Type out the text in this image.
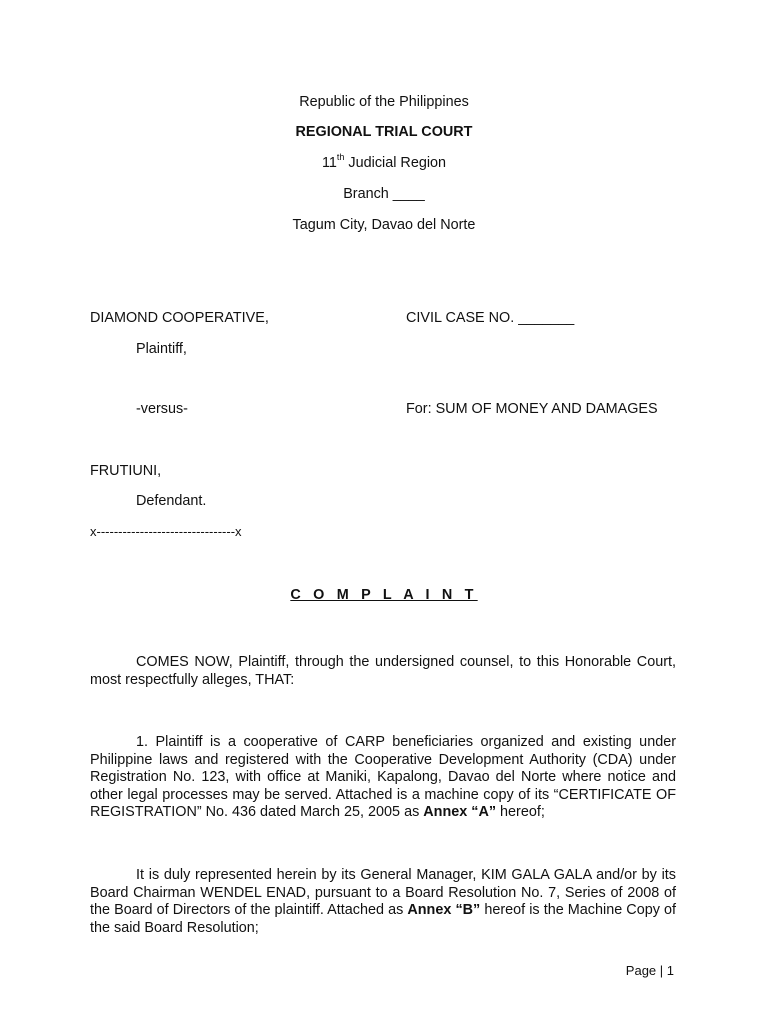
Republic of the Philippines
REGIONAL TRIAL COURT
11th Judicial Region
Branch ____
Tagum City, Davao del Norte
DIAMOND COOPERATIVE,	CIVIL CASE NO. _______
Plaintiff,
-versus-	For: SUM OF MONEY AND DAMAGES
FRUTIUNI,
Defendant.
x--------------------------------x
C O M P L A I N T
COMES NOW, Plaintiff, through the undersigned counsel, to this Honorable Court, most respectfully alleges, THAT:
1. Plaintiff is a cooperative of CARP beneficiaries organized and existing under Philippine laws and registered with the Cooperative Development Authority (CDA) under Registration No. 123, with office at Maniki, Kapalong, Davao del Norte where notice and other legal processes may be served. Attached is a machine copy of its “CERTIFICATE OF REGISTRATION” No. 436 dated March 25, 2005 as Annex “A” hereof;
It is duly represented herein by its General Manager, KIM GALA GALA and/or by its Board Chairman WENDEL ENAD, pursuant to a Board Resolution No. 7, Series of 2008 of the Board of Directors of the plaintiff. Attached as Annex “B” hereof is the Machine Copy of the said Board Resolution;
Page | 1
